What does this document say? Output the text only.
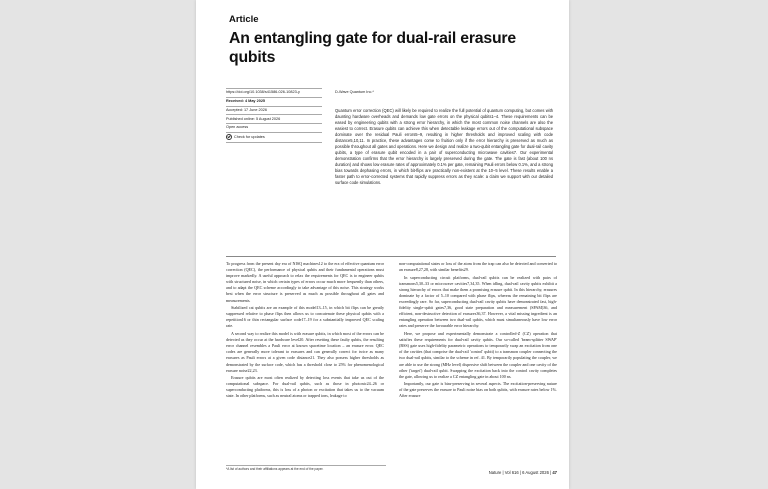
Article
An entangling gate for dual-rail erasure qubits
https://doi.org/10.1038/s41586-026-10823-y
Received: 4 May 2025
Accepted: 17 June 2026
Published online: 5 August 2026
Open access
Check for updates
D-Wave Quantum Inc.*
Quantum error correction (QEC) will likely be required to realize the full potential of quantum computing, but comes with daunting hardware overheads and demands low gate errors on the physical qubits1–4. These requirements can be eased by engineering qubits with a strong error hierarchy, in which the most common noise channels are also the easiest to correct. Erasure qubits can achieve this when detectable leakage errors out of the computational subspace dominate over the residual Pauli errors5–9, resulting in higher thresholds and improved scaling with code distance5,10,11. In practice, these advantages come to fruition only if the error hierarchy is preserved as much as possible throughout all gates and operations. Here we design and realize a two-qubit entangling gate for dual-rail cavity qubits, a type of erasure qubit encoded in a pair of superconducting microwave cavities7. Our experimental demonstration confirms that the error hierarchy is largely preserved during the gate. The gate is fast (about 100 ns duration) and shows low erasure rates of approximately 0.1% per gate, remaining Pauli errors below 0.1%, and a strong bias towards dephasing errors, in which bit-flips are practically non-existent at the 10−5 level. These results enable a faster path to error-corrected systems that rapidly suppress errors as they scale: a claim we support with our detailed surface code simulations.

To progress from the present day era of NISQ machines12 to the era of effective quantum error correction (QEC), the performance of physical qubits and their fundamental operations must improve markedly. A useful approach to relax the requirements for QEC is to engineer qubits with structured noise, in which certain types of errors occur much more frequently than others, and to adapt the QEC scheme accordingly to take advantage of this noise. This strategy works best when the error structure is preserved as much as possible throughout all gates and measurements.

Stabilized cat qubits are an example of this model13–15, in which bit flips can be greatly suppressed relative to phase flips then allows us to concatenate these physical qubits with a repetition16 or thin rectangular surface code17–19 for a substantially improved QEC scaling rate.

A second way to realize this model is with erasure qubits, in which most of the errors can be detected as they occur at the hardware level20. After resetting these faulty qubits, the resulting error channel resembles a Pauli error at known spacetime location – an erasure error. QEC codes are generally more tolerant to erasures and can generally correct for twice as many erasures as Pauli errors at a given code distance21. They also possess higher thresholds as demonstrated by the surface code, which has a threshold close to 25% for phenomenological erasure noise22,23.

Erasure qubits are most often realized by detecting loss events that take us out of the computational subspace. For dual-rail qubits, such as those in photonic24–26 or superconducting platforms, this is loss of a photon or excitation that takes us to the vacuum state. In other platforms, such as neutral atoms or trapped ions, leakage to

non-computational states or loss of the atom from the trap can also be detected and converted to an erasure8,27,28, with similar benefits29.

In superconducting circuit platforms, dual-rail qubits can be realized with pairs of transmons5,30–33 or microwave cavities7,34,35. When idling, dual-rail cavity qubits exhibit a strong hierarchy of errors that make them a promising erasure qubit. In this hierarchy, erasures dominate by a factor of 5–10 compared with phase flips, whereas the remaining bit flips are exceedingly rare. So far, superconducting dual-rail cavity qubits have demonstrated fast, high-fidelity single-qubit gates7,36, good state preparation and measurement (SPAM)36, and efficient, non-destructive detection of erasures36,37. However, a vital missing ingredient is an entangling operation between two dual-rail qubits, which must simultaneously have low error rates and preserve the favourable error hierarchy.

Here, we propose and experimentally demonstrate a controlled-Z (CZ) operation that satisfies these requirements for dual-rail cavity qubits. Our so-called 'beam-splitter SWAP' (BSS) gate uses high-fidelity parametric operations to temporarily swap an excitation from one of the cavities (that comprise the dual-rail 'control' qubit) to a transmon coupler connecting the two dual-rail qubits, similar to the scheme in ref. 41. By temporarily populating the coupler, we are able to use the strong (MHz level) dispersive shift between the coupler and one cavity of the other ('target') dual-rail qubit. Swapping the excitation back into the control cavity completes the gate, allowing us to realize a CZ entangling gate in about 100 ns.

Importantly, our gate is bias-preserving in several aspects. The excitation-preserving nature of the gate preserves the erasure to Pauli noise bias on both qubits, with erasure rates below 1%. After erasure

*A list of authors and their affiliations appears at the end of the paper.
Nature | Vol 616 | 6 August 2026 | 47
